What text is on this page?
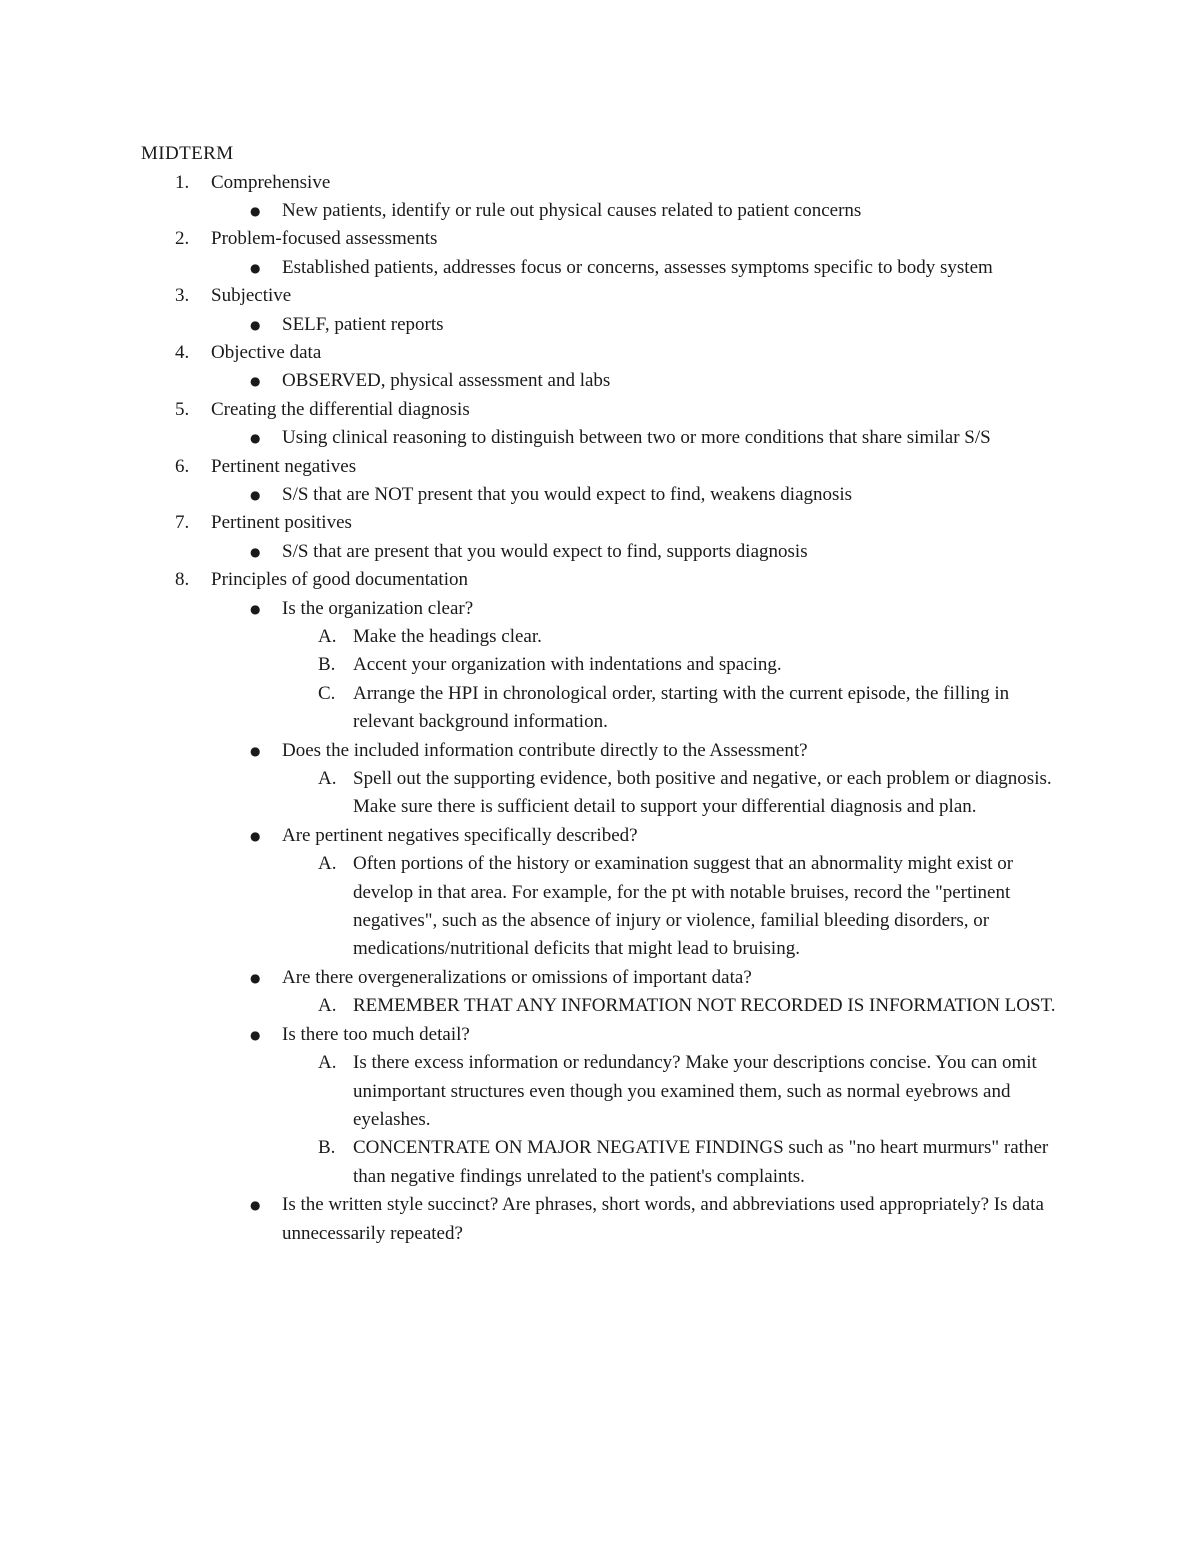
MIDTERM
1. Comprehensive
● New patients, identify or rule out physical causes related to patient concerns
2. Problem-focused assessments
● Established patients, addresses focus or concerns, assesses symptoms specific to body system
3. Subjective
● SELF, patient reports
4. Objective data
● OBSERVED, physical assessment and labs
5. Creating the differential diagnosis
● Using clinical reasoning to distinguish between two or more conditions that share similar S/S
6. Pertinent negatives
● S/S that are NOT present that you would expect to find, weakens diagnosis
7. Pertinent positives
● S/S that are present that you would expect to find, supports diagnosis
8. Principles of good documentation
● Is the organization clear?
A. Make the headings clear.
B. Accent your organization with indentations and spacing.
C. Arrange the HPI in chronological order, starting with the current episode, the filling in relevant background information.
● Does the included information contribute directly to the Assessment?
A. Spell out the supporting evidence, both positive and negative, or each problem or diagnosis. Make sure there is sufficient detail to support your differential diagnosis and plan.
● Are pertinent negatives specifically described?
A. Often portions of the history or examination suggest that an abnormality might exist or develop in that area. For example, for the pt with notable bruises, record the "pertinent negatives", such as the absence of injury or violence, familial bleeding disorders, or medications/nutritional deficits that might lead to bruising.
● Are there overgeneralizations or omissions of important data?
A. REMEMBER THAT ANY INFORMATION NOT RECORDED IS INFORMATION LOST.
● Is there too much detail?
A. Is there excess information or redundancy? Make your descriptions concise. You can omit unimportant structures even though you examined them, such as normal eyebrows and eyelashes.
B. CONCENTRATE ON MAJOR NEGATIVE FINDINGS such as "no heart murmurs" rather than negative findings unrelated to the patient's complaints.
● Is the written style succinct? Are phrases, short words, and abbreviations used appropriately? Is data unnecessarily repeated?
